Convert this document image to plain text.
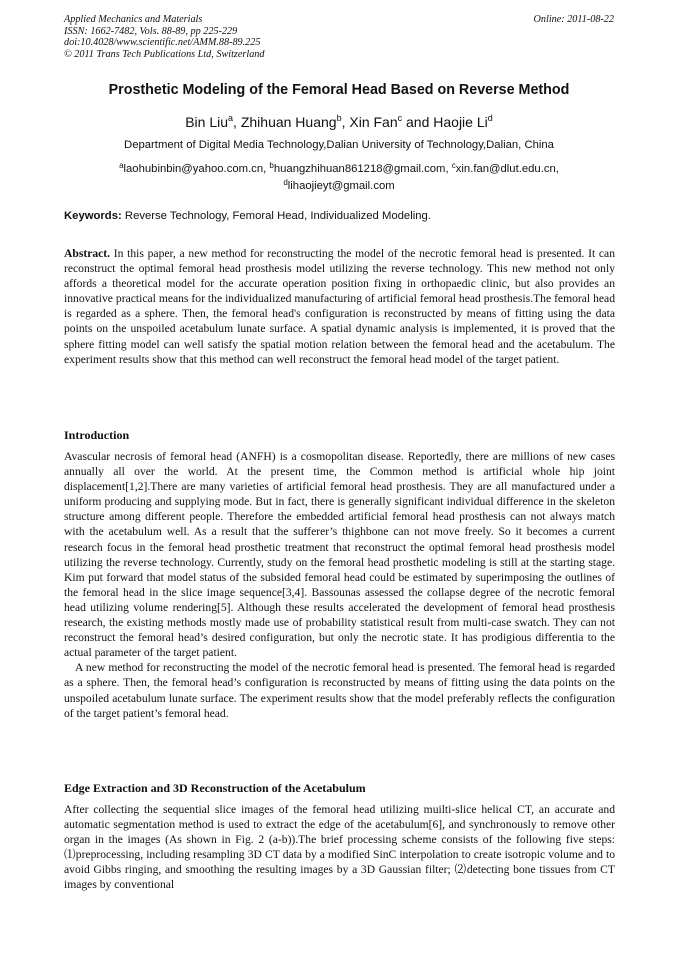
Applied Mechanics and Materials
ISSN: 1662-7482, Vols. 88-89, pp 225-229
doi:10.4028/www.scientific.net/AMM.88-89.225
© 2011 Trans Tech Publications Ltd, Switzerland
Online: 2011-08-22
Prosthetic Modeling of the Femoral Head Based on Reverse Method
Bin Liu$^a$, Zhihuan Huang$^b$, Xin Fan$^c$ and Haojie Li$^d$
Department of Digital Media Technology,Dalian University of Technology,Dalian, China
$^a$laohubinbin@yahoo.com.cn, $^b$huangzhihuan861218@gmail.com, $^c$xin.fan@dlut.edu.cn,
$^d$lihaojieyt@gmail.com
Keywords: Reverse Technology, Femoral Head, Individualized Modeling.
Abstract. In this paper, a new method for reconstructing the model of the necrotic femoral head is presented. It can reconstruct the optimal femoral head prosthesis model utilizing the reverse technology. This new method not only affords a theoretical model for the accurate operation position fixing in orthopaedic clinic, but also provides an innovative practical means for the individualized manufacturing of artificial femoral head prosthesis.The femoral head is regarded as a sphere. Then, the femoral head's configuration is reconstructed by means of fitting using the data points on the unspoiled acetabulum lunate surface. A spatial dynamic analysis is implemented, it is proved that the sphere fitting model can well satisfy the spatial motion relation between the femoral head and the acetabulum. The experiment results show that this method can well reconstruct the femoral head model of the target patient.
Introduction

Avascular necrosis of femoral head (ANFH) is a cosmopolitan disease. Reportedly, there are millions of new cases annually all over the world. At the present time, the Common method is artificial whole hip joint displacement[1,2].There are many varieties of artificial femoral head prosthesis. They are all manufactured under a uniform producing and supplying mode. But in fact, there is generally significant individual difference in the skeleton structure among different people. Therefore the embedded artificial femoral head prosthesis can not always match with the acetabulum well. As a result that the sufferer’s thighbone can not move freely. So it becomes a current research focus in the femoral head prosthetic treatment that reconstruct the optimal femoral head prosthesis model utilizing the reverse technology. Currently, study on the femoral head prosthetic modeling is still at the starting stage. Kim put forward that model status of the subsided femoral head could be estimated by superimposing the outlines of the femoral head in the slice image sequence[3,4]. Bassounas assessed the collapse degree of the necrotic femoral head utilizing volume rendering[5]. Although these results accelerated the development of femoral head prosthesis research, the existing methods mostly made use of probability statistical result from multi-case swatch. They can not reconstruct the femoral head’s desired configuration, but only the necrotic state. It has prodigious differentia to the actual parameter of the target patient.

A new method for reconstructing the model of the necrotic femoral head is presented. The femoral head is regarded as a sphere. Then, the femoral head’s configuration is reconstructed by means of fitting using the data points on the unspoiled acetabulum lunate surface. The experiment results show that the model preferably reflects the configuration of the target patient’s femoral head.

Edge Extraction and 3D Reconstruction of the Acetabulum

After collecting the sequential slice images of the femoral head utilizing muilti-slice helical CT, an accurate and automatic segmentation method is used to extract the edge of the acetabulum[6], and synchronously to remove other organ in the images (As shown in Fig. 2 (a-b)).The brief processing scheme consists of the following five steps: ⑴preprocessing, including resampling 3D CT data by a modified SinC interpolation to create isotropic volume and to avoid Gibbs ringing, and smoothing the resulting images by a 3D Gaussian filter; ⑵detecting bone tissues from CT images by conventional
